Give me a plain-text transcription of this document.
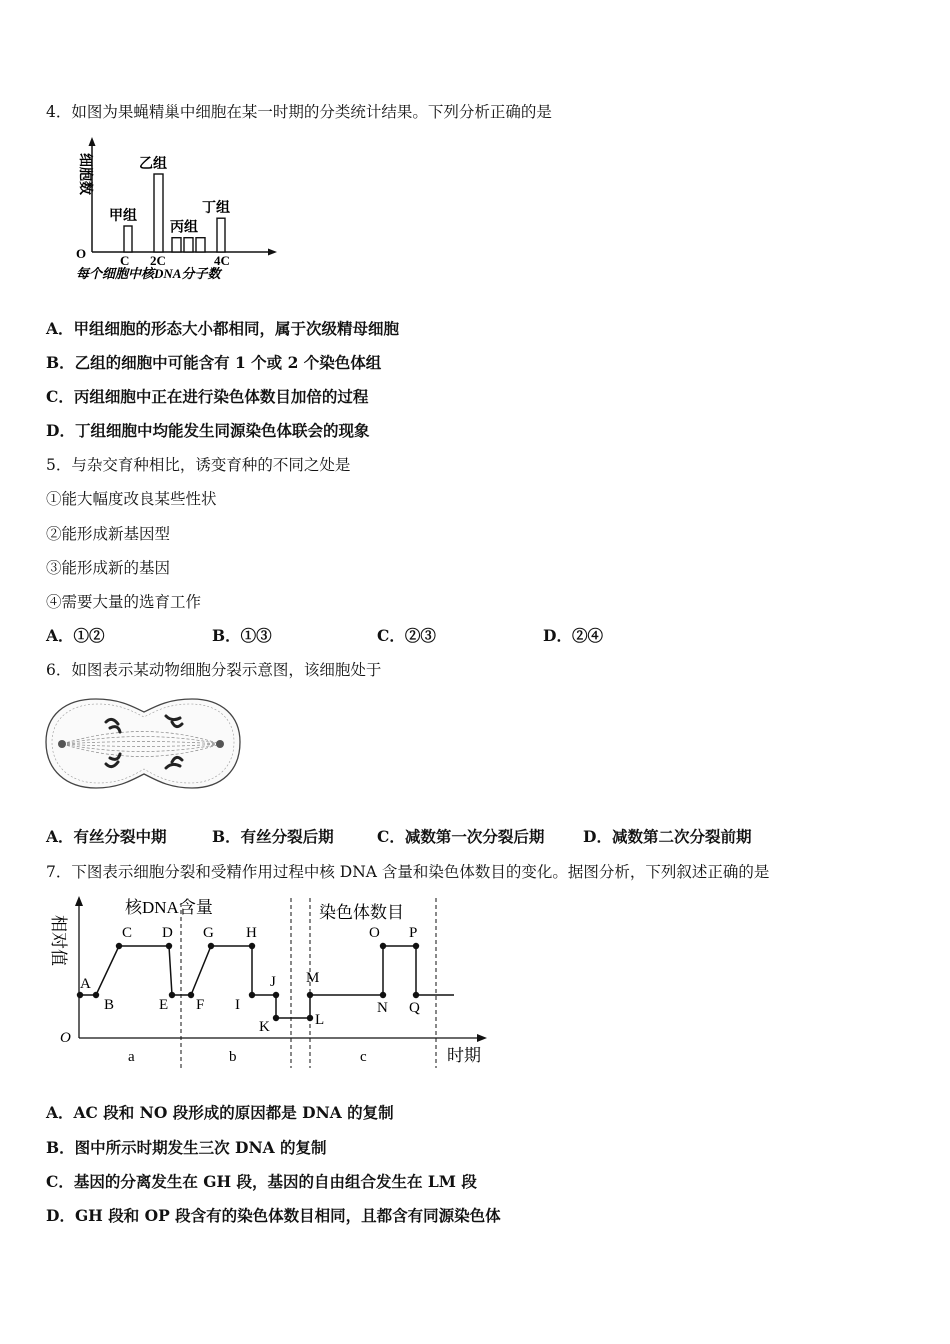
4．如图为果蝇精巢中细胞在某一时期的分类统计结果。下列分析正确的是
细胞数
O	C 2C	4C
甲组
乙组
丙组
丁组
每个细胞中核DNA分子数
A．甲组细胞的形态大小都相同，属于次级精母细胞
B．乙组的细胞中可能含有 1 个或 2 个染色体组
C．丙组细胞中正在进行染色体数目加倍的过程
D．丁组细胞中均能发生同源染色体联会的现象
5．与杂交育种相比，诱变育种的不同之处是
①能大幅度改良某些性状
②能形成新基因型
③能形成新的基因
④需要大量的选育工作
A．①②	B．①③	C．②③	D．②④
6．如图表示某动物细胞分裂示意图，该细胞处于
A．有丝分裂中期	B．有丝分裂后期	C．减数第一次分裂后期 D．减数第二次分裂前期
7．下图表示细胞分裂和受精作用过程中核 DNA 含量和染色体数目的变化。据图分析，下列叙述正确的是
相对值
O
核DNA含量	染色体数目
a	b	c	时期
A
B
C D
E F
G H
I
J
K	L
M
N
O P
Q
A．AC 段和 NO 段形成的原因都是 DNA 的复制
B．图中所示时期发生三次 DNA 的复制
C．基因的分离发生在 GH 段，基因的自由组合发生在 LM 段
D．GH 段和 OP 段含有的染色体数目相同，且都含有同源染色体
